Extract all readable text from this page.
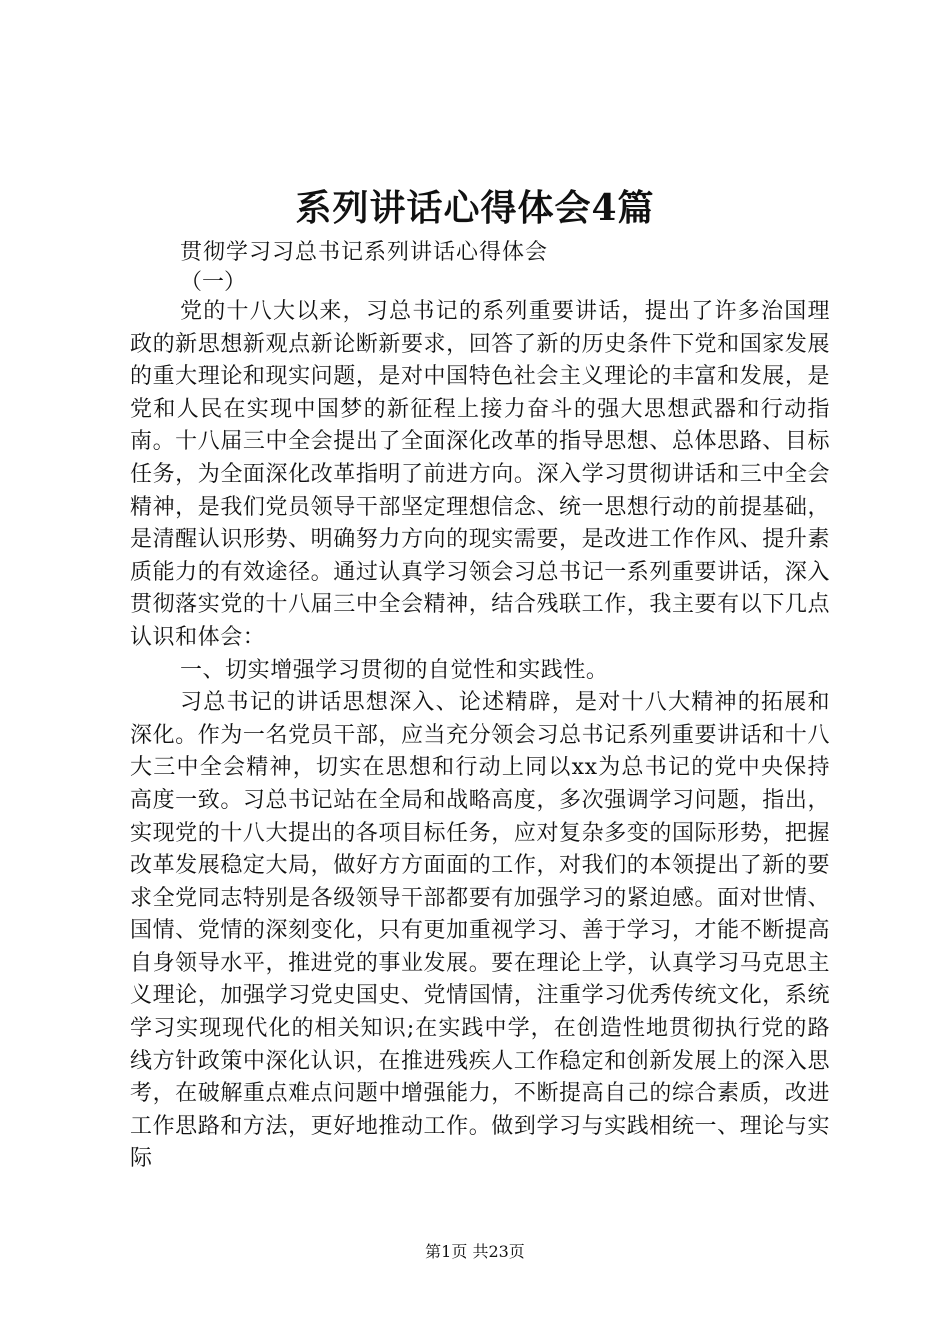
系列讲话心得体会4篇
贯彻学习习总书记系列讲话心得体会
（一）

党的十八大以来，习总书记的系列重要讲话，提出了许多治国理政的新思想新观点新论断新要求，回答了新的历史条件下党和国家发展的重大理论和现实问题，是对中国特色社会主义理论的丰富和发展，是党和人民在实现中国梦的新征程上接力奋斗的强大思想武器和行动指南。十八届三中全会提出了全面深化改革的指导思想、总体思路、目标任务，为全面深化改革指明了前进方向。深入学习贯彻讲话和三中全会精神，是我们党员领导干部坚定理想信念、统一思想行动的前提基础，是清醒认识形势、明确努力方向的现实需要，是改进工作作风、提升素质能力的有效途径。通过认真学习领会习总书记一系列重要讲话，深入贯彻落实党的十八届三中全会精神，结合残联工作，我主要有以下几点认识和体会：

一、切实增强学习贯彻的自觉性和实践性。

习总书记的讲话思想深入、论述精辟，是对十八大精神的拓展和深化。作为一名党员干部，应当充分领会习总书记系列重要讲话和十八大三中全会精神，切实在思想和行动上同以xx为总书记的党中央保持高度一致。习总书记站在全局和战略高度，多次强调学习问题，指出，实现党的十八大提出的各项目标任务，应对复杂多变的国际形势，把握改革发展稳定大局，做好方方面面的工作，对我们的本领提出了新的要求全党同志特别是各级领导干部都要有加强学习的紧迫感。面对世情、国情、党情的深刻变化，只有更加重视学习、善于学习，才能不断提高自身领导水平，推进党的事业发展。要在理论上学，认真学习马克思主义理论，加强学习党史国史、党情国情，注重学习优秀传统文化，系统学习实现现代化的相关知识;在实践中学，在创造性地贯彻执行党的路线方针政策中深化认识，在推进残疾人工作稳定和创新发展上的深入思考，在破解重点难点问题中增强能力，不断提高自己的综合素质，改进工作思路和方法，更好地推动工作。做到学习与实践相统一、理论与实际

第1页 共23页
